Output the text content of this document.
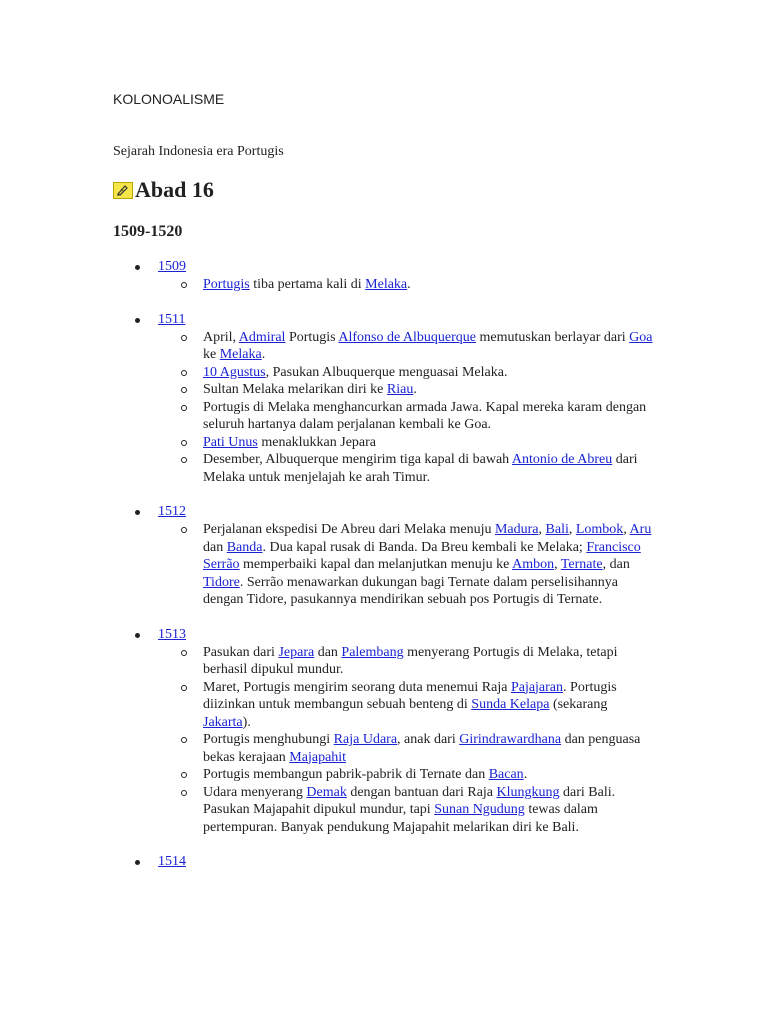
KOLONOALISME
Sejarah Indonesia era Portugis
Abad 16
1509-1520
1509
Portugis tiba pertama kali di Melaka.
1511
April, Admiral Portugis Alfonso de Albuquerque memutuskan berlayar dari Goa ke Melaka.
10 Agustus, Pasukan Albuquerque menguasai Melaka.
Sultan Melaka melarikan diri ke Riau.
Portugis di Melaka menghancurkan armada Jawa. Kapal mereka karam dengan seluruh hartanya dalam perjalanan kembali ke Goa.
Pati Unus menaklukkan Jepara
Desember, Albuquerque mengirim tiga kapal di bawah Antonio de Abreu dari Melaka untuk menjelajah ke arah Timur.
1512
Perjalanan ekspedisi De Abreu dari Melaka menuju Madura, Bali, Lombok, Aru dan Banda. Dua kapal rusak di Banda. Da Breu kembali ke Melaka; Francisco Serrão memperbaiki kapal dan melanjutkan menuju ke Ambon, Ternate, dan Tidore. Serrão menawarkan dukungan bagi Ternate dalam perselisihannya dengan Tidore, pasukannya mendirikan sebuah pos Portugis di Ternate.
1513
Pasukan dari Jepara dan Palembang menyerang Portugis di Melaka, tetapi berhasil dipukul mundur.
Maret, Portugis mengirim seorang duta menemui Raja Pajajaran. Portugis diizinkan untuk membangun sebuah benteng di Sunda Kelapa (sekarang Jakarta).
Portugis menghubungi Raja Udara, anak dari Girindrawardhana dan penguasa bekas kerajaan Majapahit
Portugis membangun pabrik-pabrik di Ternate dan Bacan.
Udara menyerang Demak dengan bantuan dari Raja Klungkung dari Bali. Pasukan Majapahit dipukul mundur, tapi Sunan Ngudung tewas dalam pertempuran. Banyak pendukung Majapahit melarikan diri ke Bali.
1514
